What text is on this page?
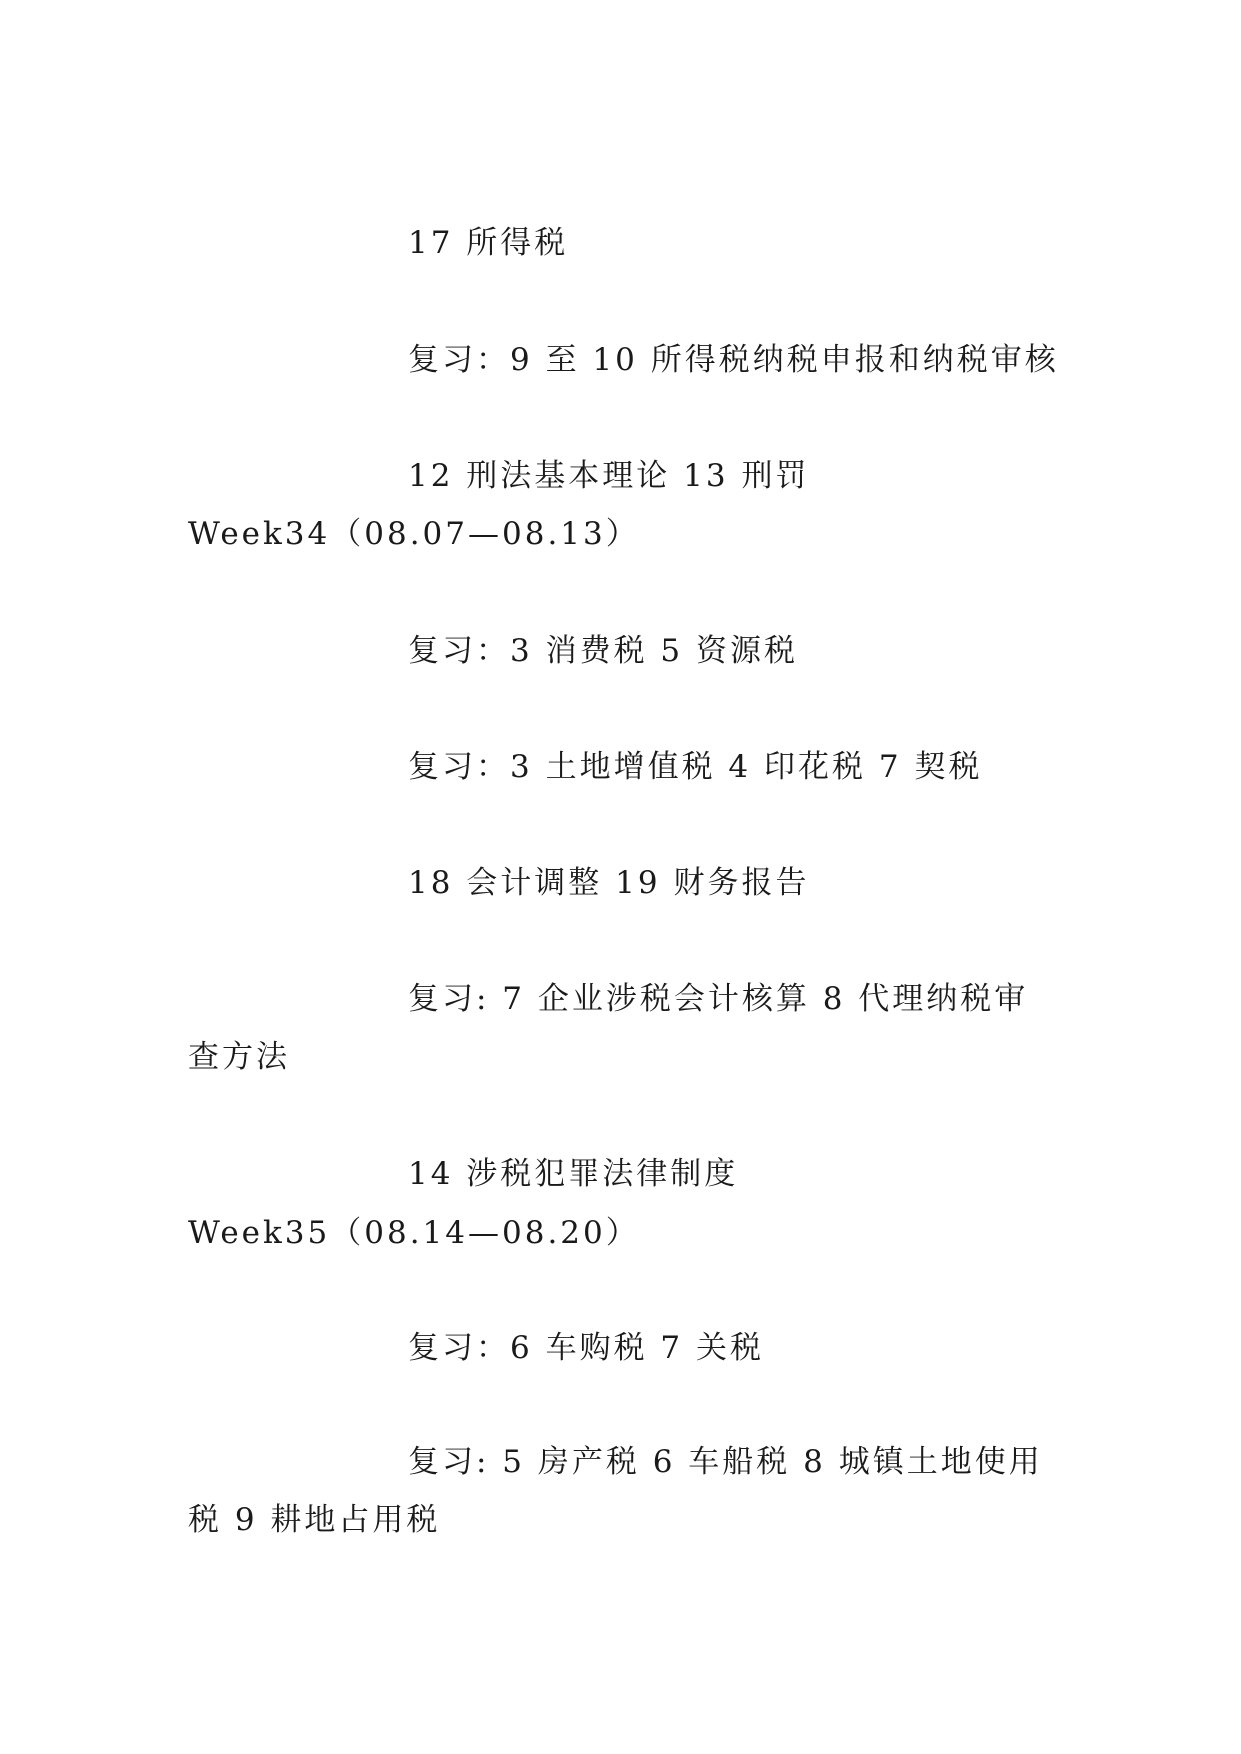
17 所得税
复习：9 至 10 所得税纳税申报和纳税审核
12 刑法基本理论 13 刑罚
Week34（08.07—08.13）
复习：3 消费税 5 资源税
复习：3 土地增值税 4 印花税 7 契税
18 会计调整 19 财务报告
复习: 7 企业涉税会计核算 8 代理纳税审查方法
14 涉税犯罪法律制度
Week35（08.14—08.20）
复习：6 车购税 7 关税
复习: 5 房产税 6 车船税 8 城镇土地使用税 9 耕地占用税
